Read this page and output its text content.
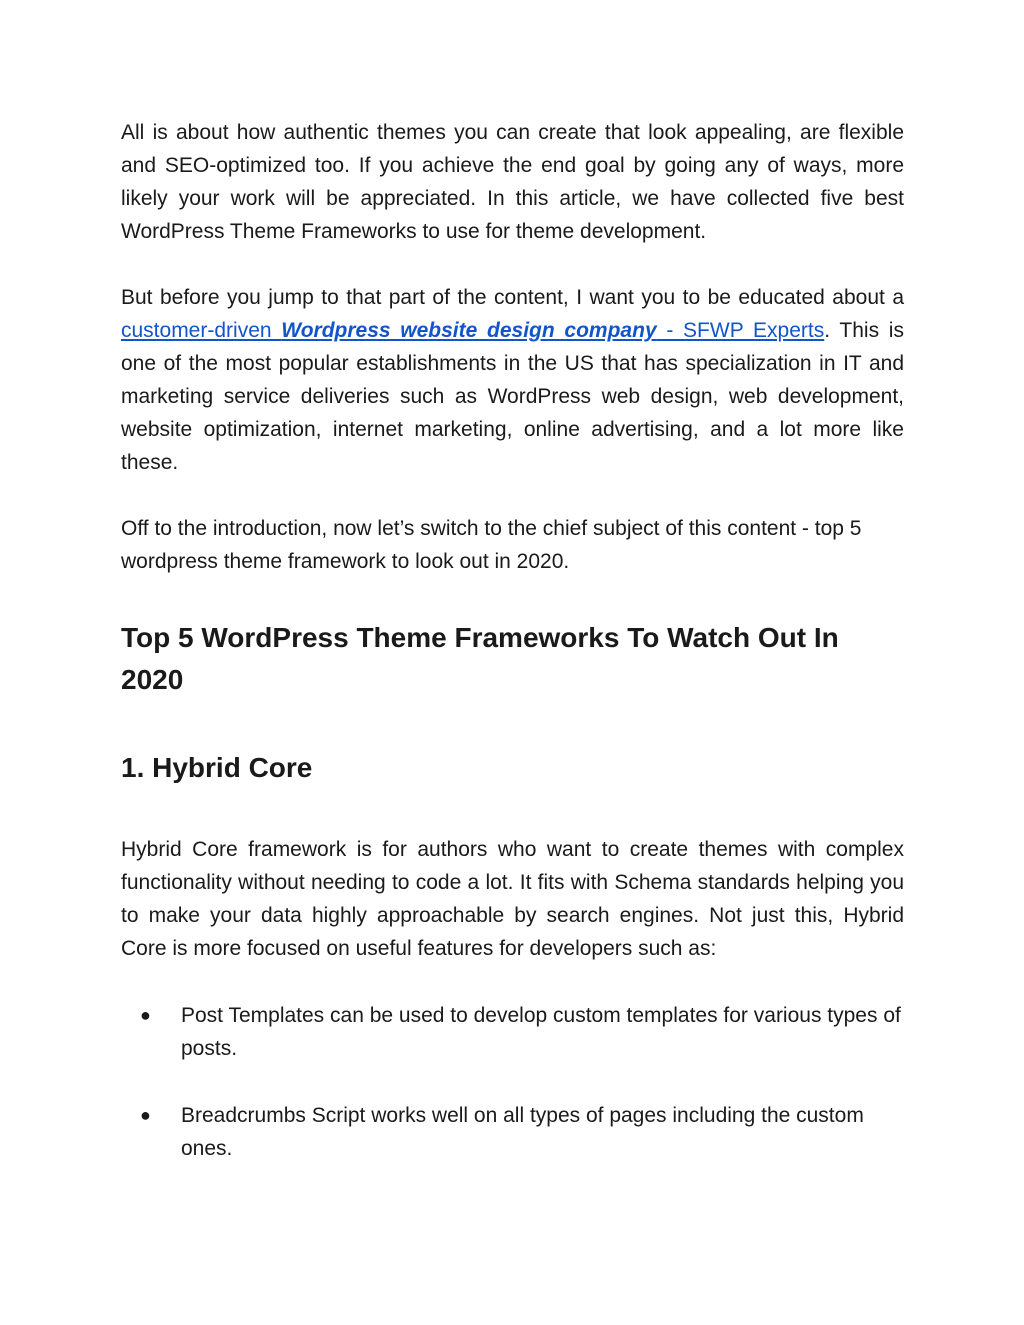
All is about how authentic themes you can create that look appealing, are flexible and SEO-optimized too. If you achieve the end goal by going any of ways, more likely your work will be appreciated. In this article, we have collected five best WordPress Theme Frameworks to use for theme development.

But before you jump to that part of the content, I want you to be educated about a customer-driven Wordpress website design company - SFWP Experts. This is one of the most popular establishments in the US that has specialization in IT and marketing service deliveries such as WordPress web design, web development, website optimization, internet marketing, online advertising, and a lot more like these.

Off to the introduction, now let’s switch to the chief subject of this content - top 5 wordpress theme framework to look out in 2020.

Top 5 WordPress Theme Frameworks To Watch Out In 2020
1. Hybrid Core

Hybrid Core framework is for authors who want to create themes with complex functionality without needing to code a lot. It fits with Schema standards helping you to make your data highly approachable by search engines. Not just this, Hybrid Core is more focused on useful features for developers such as:

● Post Templates can be used to develop custom templates for various types of posts.
● Breadcrumbs Script works well on all types of pages including the custom ones.
